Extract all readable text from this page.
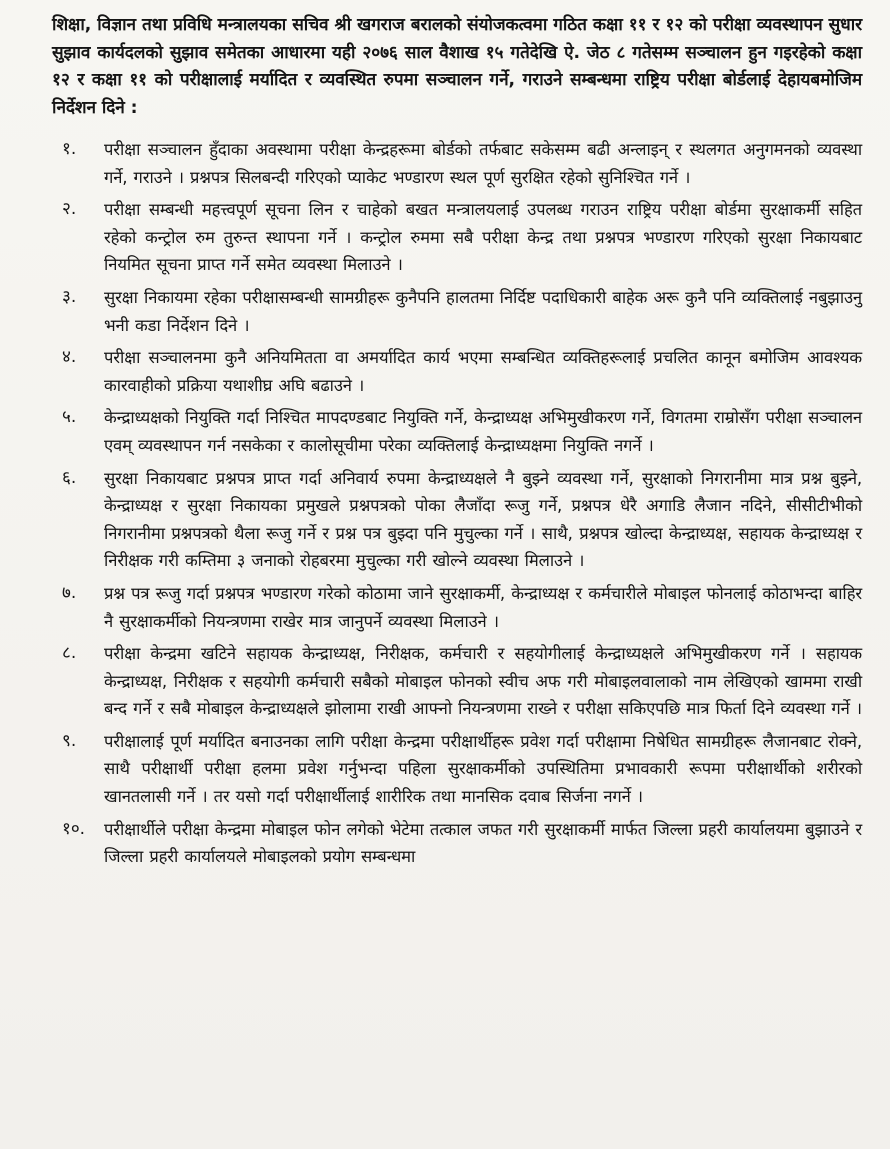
शिक्षा, विज्ञान तथा प्रविधि मन्त्रालयका सचिव श्री खगराज बरालको संयोजकत्वमा गठित कक्षा ११ र १२ को परीक्षा व्यवस्थापन सुधार सुझाव कार्यदलको सुझाव समेतका आधारमा यही २०७६ साल वैशाख १५ गतेदेखि ऐ. जेठ ८ गतेसम्म सञ्चालन हुन गइरहेको कक्षा १२ र कक्षा ११ को परीक्षालाई मर्यादित र व्यवस्थित रुपमा सञ्चालन गर्ने, गराउने सम्बन्धमा राष्ट्रिय परीक्षा बोर्डलाई देहायबमोजिम निर्देशन दिने :

१.	परीक्षा सञ्चालन हुँदाका अवस्थामा परीक्षा केन्द्रहरूमा बोर्डको तर्फबाट सकेसम्म बढी अन्लाइन् र स्थलगत अनुगमनको व्यवस्था गर्ने, गराउने । प्रश्नपत्र सिलबन्दी गरिएको प्याकेट भण्डारण स्थल पूर्ण सुरक्षित रहेको सुनिश्चित गर्ने ।
२.	परीक्षा सम्बन्धी महत्त्वपूर्ण सूचना लिन र चाहेको बखत मन्त्रालयलाई उपलब्ध गराउन राष्ट्रिय परीक्षा बोर्डमा सुरक्षाकर्मी सहित रहेको कन्ट्रोल रुम तुरुन्त स्थापना गर्ने । कन्ट्रोल रुममा सबै परीक्षा केन्द्र तथा प्रश्नपत्र भण्डारण गरिएको सुरक्षा निकायबाट नियमित सूचना प्राप्त गर्ने समेत व्यवस्था मिलाउने ।
३.	सुरक्षा निकायमा रहेका परीक्षासम्बन्धी सामग्रीहरू कुनैपनि हालतमा निर्दिष्ट पदाधिकारी बाहेक अरू कुनै पनि व्यक्तिलाई नबुझाउनु भनी कडा निर्देशन दिने ।
४.	परीक्षा सञ्चालनमा कुनै अनियमितता वा अमर्यादित कार्य भएमा सम्बन्धित व्यक्तिहरूलाई प्रचलित कानून बमोजिम आवश्यक कारवाहीको प्रक्रिया यथाशीघ्र अघि बढाउने ।
५.	केन्द्राध्यक्षको नियुक्ति गर्दा निश्चित मापदण्डबाट नियुक्ति गर्ने, केन्द्राध्यक्ष अभिमुखीकरण गर्ने, विगतमा राम्रोसँग परीक्षा सञ्चालन एवम् व्यवस्थापन गर्न नसकेका र कालोसूचीमा परेका व्यक्तिलाई केन्द्राध्यक्षमा नियुक्ति नगर्ने ।
६.	सुरक्षा निकायबाट प्रश्नपत्र प्राप्त गर्दा अनिवार्य रुपमा केन्द्राध्यक्षले नै बुझ्ने व्यवस्था गर्ने, सुरक्षाको निगरानीमा मात्र प्रश्न बुझ्ने, केन्द्राध्यक्ष र सुरक्षा निकायका प्रमुखले प्रश्नपत्रको पोका लैजाँदा रूजु गर्ने, प्रश्नपत्र धेरै अगाडि लैजान नदिने, सीसीटीभीको निगरानीमा प्रश्नपत्रको थैला रूजु गर्ने र प्रश्न पत्र बुझ्दा पनि मुचुल्का गर्ने । साथै, प्रश्नपत्र खोल्दा केन्द्राध्यक्ष, सहायक केन्द्राध्यक्ष र निरीक्षक गरी कम्तिमा ३ जनाको रोहबरमा मुचुल्का गरी खोल्ने व्यवस्था मिलाउने ।
७.	प्रश्न पत्र रूजु गर्दा प्रश्नपत्र भण्डारण गरेको कोठामा जाने सुरक्षाकर्मी, केन्द्राध्यक्ष र कर्मचारीले मोबाइल फोनलाई कोठाभन्दा बाहिर नै सुरक्षाकर्मीको नियन्त्रणमा राखेर मात्र जानुपर्ने व्यवस्था मिलाउने ।
८.	परीक्षा केन्द्रमा खटिने सहायक केन्द्राध्यक्ष, निरीक्षक, कर्मचारी र सहयोगीलाई केन्द्राध्यक्षले अभिमुखीकरण गर्ने । सहायक केन्द्राध्यक्ष, निरीक्षक र सहयोगी कर्मचारी सबैको मोबाइल फोनको स्वीच अफ गरी मोबाइलवालाको नाम लेखिएको खाममा राखी बन्द गर्ने र सबै मोबाइल केन्द्राध्यक्षले झोलामा राखी आफ्नो नियन्त्रणमा राख्ने र परीक्षा सकिएपछि मात्र फिर्ता दिने व्यवस्था गर्ने ।
९.	परीक्षालाई पूर्ण मर्यादित बनाउनका लागि परीक्षा केन्द्रमा परीक्षार्थीहरू प्रवेश गर्दा परीक्षामा निषेधित सामग्रीहरू लैजानबाट रोक्ने, साथै परीक्षार्थी परीक्षा हलमा प्रवेश गर्नुभन्दा पहिला सुरक्षाकर्मीको उपस्थितिमा प्रभावकारी रूपमा परीक्षार्थीको शरीरको खानतलासी गर्ने । तर यसो गर्दा परीक्षार्थीलाई शारीरिक तथा मानसिक दवाब सिर्जना नगर्ने ।
१०.	परीक्षार्थीले परीक्षा केन्द्रमा मोबाइल फोन लगेको भेटेमा तत्काल जफत गरी सुरक्षाकर्मी मार्फत जिल्ला प्रहरी कार्यालयमा बुझाउने र जिल्ला प्रहरी कार्यालयले मोबाइलको प्रयोग सम्बन्धमा
